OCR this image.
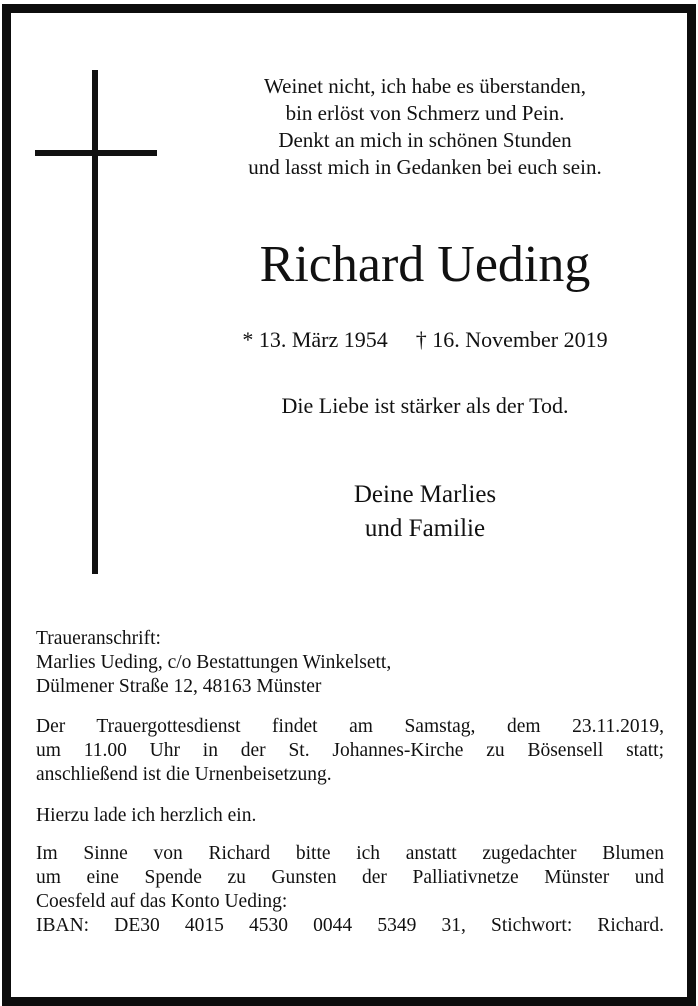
Weinet nicht, ich habe es überstanden,
bin erlöst von Schmerz und Pein.
Denkt an mich in schönen Stunden
und lasst mich in Gedanken bei euch sein.
Richard Ueding
* 13. März 1954 † 16. November 2019
Die Liebe ist stärker als der Tod.
Deine Marlies
und Familie
Traueranschrift:
Marlies Ueding, c/o Bestattungen Winkelsett,
Dülmener Straße 12, 48163 Münster
Der Trauergottesdienst findet am Samstag, dem 23.11.2019,
um 11.00 Uhr in der St. Johannes-Kirche zu Bösensell statt;
anschließend ist die Urnenbeisetzung.
Hierzu lade ich herzlich ein.
Im Sinne von Richard bitte ich anstatt zugedachter Blumen
um eine Spende zu Gunsten der Palliativnetze Münster und
Coesfeld auf das Konto Ueding:
IBAN: DE30 4015 4530 0044 5349 31, Stichwort: Richard.
